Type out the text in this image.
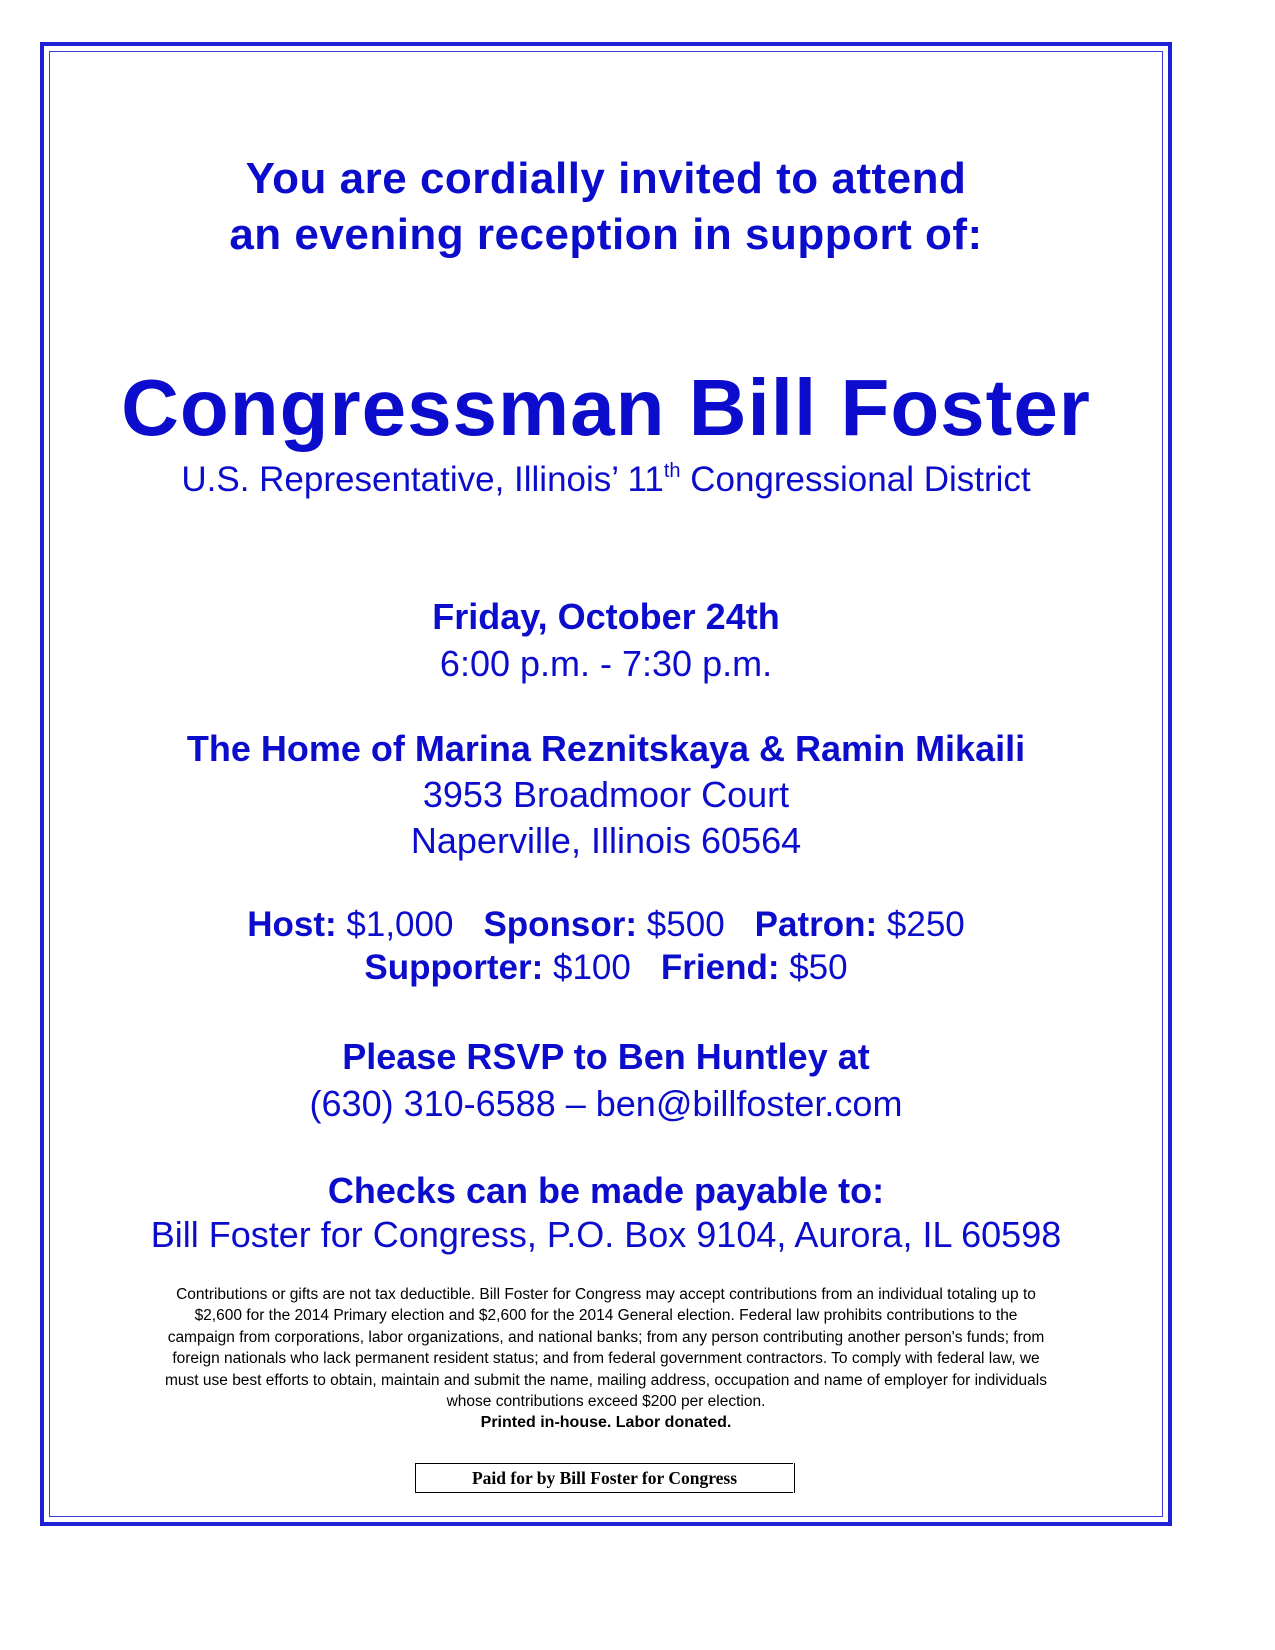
You are cordially invited to attend

an evening reception in support of:

Congressman Bill Foster

U.S. Representative, Illinois’ 11th Congressional District

Friday, October 24th

6:00 p.m. - 7:30 p.m.

The Home of Marina Reznitskaya & Ramin Mikaili

3953 Broadmoor Court

Naperville, Illinois 60564

Host: $1,000 Sponsor: $500 Patron: $250

Supporter: $100 Friend: $50

Please RSVP to Ben Huntley at

(630) 310-6588 – ben@billfoster.com

Checks can be made payable to:

Bill Foster for Congress, P.O. Box 9104, Aurora, IL 60598

Contributions or gifts are not tax deductible. Bill Foster for Congress may accept contributions from an individual totaling up to
$2,600 for the 2014 Primary election and $2,600 for the 2014 General election. Federal law prohibits contributions to the
campaign from corporations, labor organizations, and national banks; from any person contributing another person's funds; from
foreign nationals who lack permanent resident status; and from federal government contractors. To comply with federal law, we
must use best efforts to obtain, maintain and submit the name, mailing address, occupation and name of employer for individuals
whose contributions exceed $200 per election.
Printed in-house. Labor donated.
Paid for by Bill Foster for Congress
